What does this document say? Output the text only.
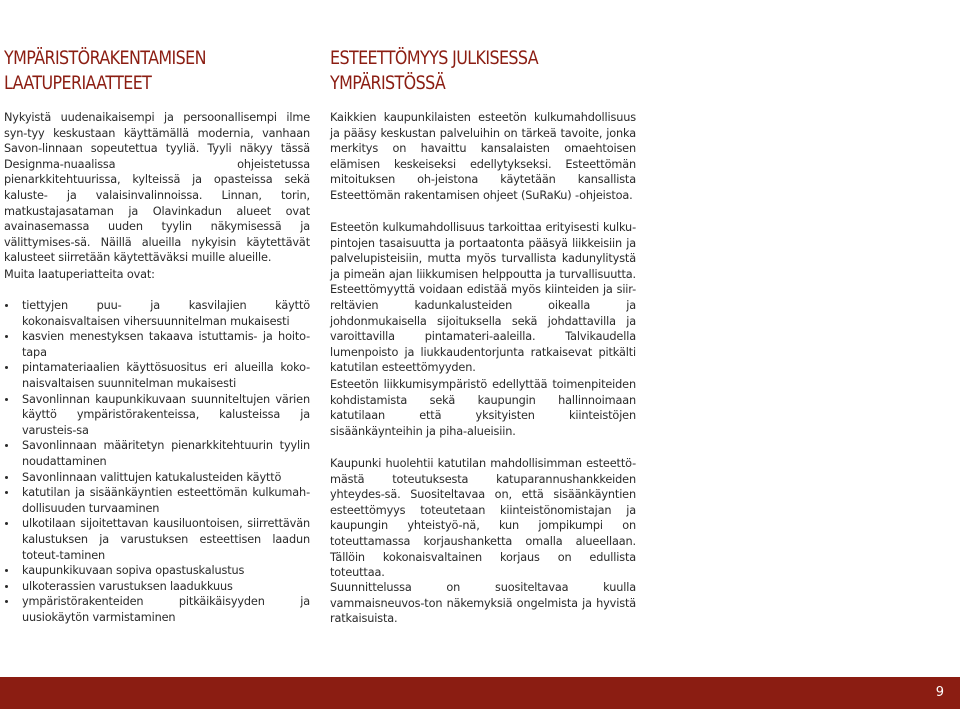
YMPÄRISTÖRAKENTAMISEN
LAATUPERIAATTEET

Nykyistä uudenaikaisempi ja persoonallisempi ilme syn-tyy keskustaan käyttämällä modernia, vanhaan Savon-linnaan sopeutettua tyyliä. Tyyli näkyy tässä Designma-nuaalissa ohjeistetussa pienarkkitehtuurissa, kylteissä ja opasteissa sekä kaluste- ja valaisinvalinnoissa. Linnan, torin, matkustajasataman ja Olavinkadun alueet ovat avainasemassa uuden tyylin näkymisessä ja välittymises-sä. Näillä alueilla nykyisin käytettävät kalusteet siirretään käytettäväksi muille alueille.

Muita laatuperiatteita ovat:

tiettyjen puu- ja kasvilajien käyttö kokonaisvaltaisen vihersuunnitelman mukaisesti
kasvien menestyksen takaava istuttamis- ja hoito-tapa
pintamateriaalien käyttösuositus eri alueilla koko-naisvaltaisen suunnitelman mukaisesti
Savonlinnan kaupunkikuvaan suunniteltujen värien käyttö ympäristörakenteissa, kalusteissa ja varusteis-sa
Savonlinnaan määritetyn pienarkkitehtuurin tyylin noudattaminen
Savonlinnaan valittujen katukalusteiden käyttö
katutilan ja sisäänkäyntien esteettömän kulkumah-dollisuuden turvaaminen
ulkotilaan sijoitettavan kausiluontoisen, siirrettävän kalustuksen ja varustuksen esteettisen laadun toteut-taminen
kaupunkikuvaan sopiva opastuskalustus
ulkoterassien varustuksen laadukkuus
ympäristörakenteiden pitkäikäisyyden ja uusiokäytön varmistaminen
ESTEETTÖMYYS JULKISESSA
YMPÄRISTÖSSÄ

Kaikkien kaupunkilaisten esteetön kulkumahdollisuus ja pääsy keskustan palveluihin on tärkeä tavoite, jonka merkitys on havaittu kansalaisten omaehtoisen elämisen keskeiseksi edellytykseksi. Esteettömän mitoituksen oh-jeistona käytetään kansallista Esteettömän rakentamisen ohjeet (SuRaKu) -ohjeistoa.

Esteetön kulkumahdollisuus tarkoittaa erityisesti kulku-pintojen tasaisuutta ja portaatonta pääsyä liikkeisiin ja palvelupisteisiin, mutta myös turvallista kadunylitystä ja pimeän ajan liikkumisen helppoutta ja turvallisuutta. Esteettömyyttä voidaan edistää myös kiinteiden ja siir-reltävien kadunkalusteiden oikealla ja johdonmukaisella sijoituksella sekä johdattavilla ja varoittavilla pintamateri-aaleilla. Talvikaudella lumenpoisto ja liukkaudentorjunta ratkaisevat pitkälti katutilan esteettömyyden.

Esteetön liikkumisympäristö edellyttää toimenpiteiden kohdistamista sekä kaupungin hallinnoimaan katutilaan että yksityisten kiinteistöjen sisäänkäynteihin ja piha-alueisiin.

Kaupunki huolehtii katutilan mahdollisimman esteettö-mästä toteutuksesta katuparannushankkeiden yhteydes-sä. Suositeltavaa on, että sisäänkäyntien esteettömyys toteutetaan kiinteistönomistajan ja kaupungin yhteistyö-nä, kun jompikumpi on toteuttamassa korjaushanketta omalla alueellaan. Tällöin kokonaisvaltainen korjaus on edullista toteuttaa.

Suunnittelussa on suositeltavaa kuulla vammaisneuvos-ton näkemyksiä ongelmista ja hyvistä ratkaisuista.

9
